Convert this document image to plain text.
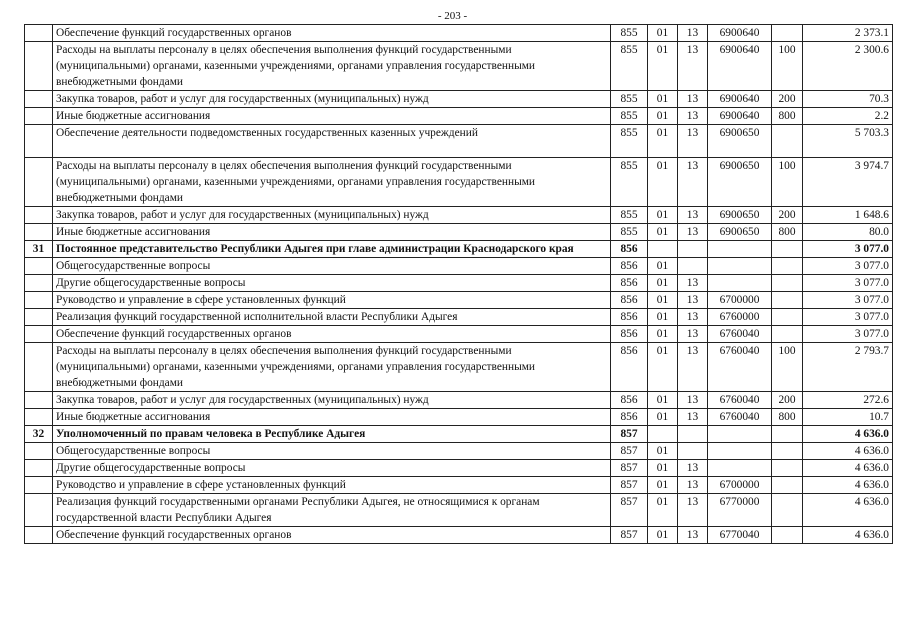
- 203 -
	Обеспечение функций государственных органов	855	01	13	6900640		2 373.1
	Расходы на выплаты персоналу в целях обеспечения выполнения функций государственными (муниципальными) органами, казенными учреждениями, органами управления государственными внебюджетными фондами	855	01	13	6900640	100	2 300.6
	Закупка товаров, работ и услуг для государственных (муниципальных) нужд	855	01	13	6900640	200	70.3
	Иные бюджетные ассигнования	855	01	13	6900640	800	2.2
	Обеспечение деятельности подведомственных государственных казенных учреждений	855	01	13	6900650		5 703.3
	Расходы на выплаты персоналу в целях обеспечения выполнения функций государственными (муниципальными) органами, казенными учреждениями, органами управления государственными внебюджетными фондами	855	01	13	6900650	100	3 974.7
	Закупка товаров, работ и услуг для государственных (муниципальных) нужд	855	01	13	6900650	200	1 648.6
	Иные бюджетные ассигнования	855	01	13	6900650	800	80.0
31	Постоянное представительство Республики Адыгея при главе администрации Краснодарского края	856					3 077.0
	Общегосударственные вопросы	856	01				3 077.0
	Другие общегосударственные вопросы	856	01	13			3 077.0
	Руководство и управление в сфере установленных функций	856	01	13	6700000		3 077.0
	Реализация функций государственной исполнительной власти Республики Адыгея	856	01	13	6760000		3 077.0
	Обеспечение функций государственных органов	856	01	13	6760040		3 077.0
	Расходы на выплаты персоналу в целях обеспечения выполнения функций государственными (муниципальными) органами, казенными учреждениями, органами управления государственными внебюджетными фондами	856	01	13	6760040	100	2 793.7
	Закупка товаров, работ и услуг для государственных (муниципальных) нужд	856	01	13	6760040	200	272.6
	Иные бюджетные ассигнования	856	01	13	6760040	800	10.7
32	Уполномоченный по правам человека в Республике Адыгея	857					4 636.0
	Общегосударственные вопросы	857	01				4 636.0
	Другие общегосударственные вопросы	857	01	13			4 636.0
	Руководство и управление в сфере установленных функций	857	01	13	6700000		4 636.0
	Реализация функций государственными органами Республики Адыгея, не относящимися к органам государственной власти Республики Адыгея	857	01	13	6770000		4 636.0
	Обеспечение функций государственных органов	857	01	13	6770040		4 636.0
